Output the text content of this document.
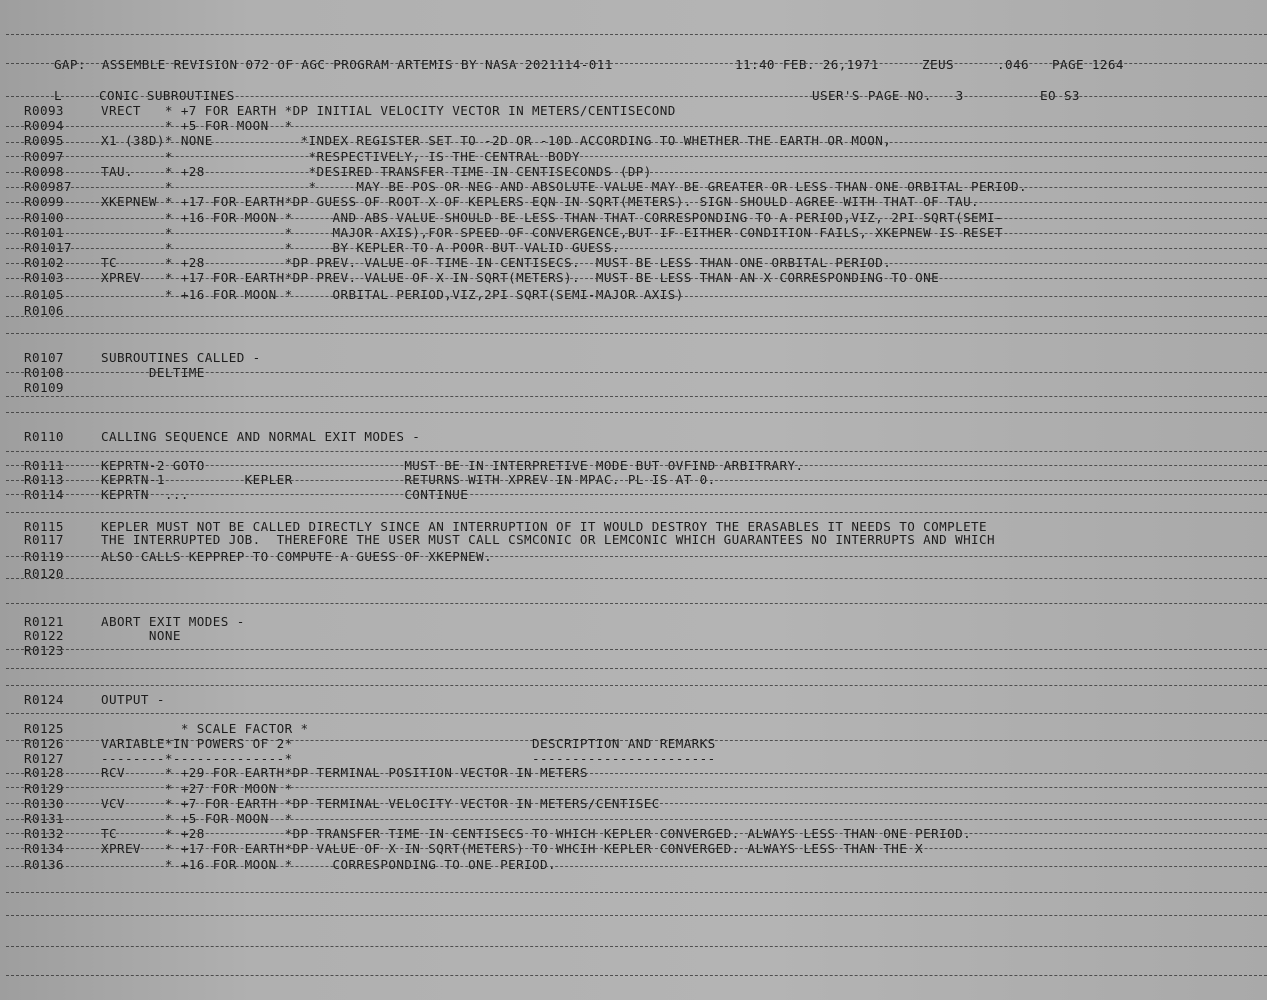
GAP:  ASSEMBLE REVISION 072 OF AGC PROGRAM ARTEMIS BY NASA 2021114-011	11:40 FEB. 26,1971	ZEUS	.046 PAGE 1264

L	CONIC SUBROUTINES	USER'S PAGE NO.   3	EO S3

R0093	VRECT   * +7 FOR EARTH *DP INITIAL VELOCITY VECTOR IN METERS/CENTISECOND
R0094	* +5 FOR MOON  *
R0095	X1 (38D)* NONE           *INDEX REGISTER SET TO -2D OR -10D ACCORDING TO WHETHER THE EARTH OR MOON,
R0097	*                 *RESPECTIVELY, IS THE CENTRAL BODY
R0098	TAU.    * +28             *DESIRED TRANSFER TIME IN CENTISECONDS (DP)
R00987 *                 *     MAY BE POS OR NEG AND ABSOLUTE VALUE MAY BE GREATER OR LESS THAN ONE ORBITAL PERIOD.
R0099	XKEPNEW * +17 FOR EARTH*DP GUESS OF ROOT X OF KEPLERS EQN IN SQRT(METERS). SIGN SHOULD AGREE WITH THAT OF TAU.
R0100	* +16 FOR MOON *     AND ABS VALUE SHOULD BE LESS THAN THAT CORRESPONDING TO A PERIOD,VIZ, 2PI SQRT(SEMI-
R0101	*              *     MAJOR AXIS),FOR SPEED OF CONVERGENCE,BUT IF EITHER CONDITION FAILS, XKEPNEW IS RESET
R01017 *              *     BY KEPLER TO A POOR BUT VALID GUESS.
R0102	TC      * +28          *DP PREV. VALUE OF TIME IN CENTISECS.  MUST BE LESS THAN ONE ORBITAL PERIOD.
R0103	XPREV   * +17 FOR EARTH*DP PREV. VALUE OF X IN SQRT(METERS).  MUST BE LESS THAN AN X CORRESPONDING TO ONE
R0105	* +16 FOR MOON *     ORBITAL PERIOD,VIZ,2PI SQRT(SEMI-MAJOR AXIS)
R0106
R0107	SUBROUTINES CALLED -
R0108	DELTIME
R0109
R0110	CALLING SEQUENCE AND NORMAL EXIT MODES -
R0111	KEPRTN-2 GOTO                         MUST BE IN INTERPRETIVE MODE BUT OVFIND ARBITRARY.
R0113	KEPRTN-1          KEPLER              RETURNS WITH XPREV IN MPAC. PL IS AT 0.
R0114	KEPRTN  ...                           CONTINUE
R0115	KEPLER MUST NOT BE CALLED DIRECTLY SINCE AN INTERRUPTION OF IT WOULD DESTROY THE ERASABLES IT NEEDS TO COMPLETE
R0117	THE INTERRUPTED JOB.  THEREFORE THE USER MUST CALL CSMCONIC OR LEMCONIC WHICH GUARANTEES NO INTERRUPTS AND WHICH
R0119	ALSO CALLS KEPPREP TO COMPUTE A GUESS OF XKEPNEW.
R0120
R0121	ABORT EXIT MODES -
R0122	NONE
R0123
R0124	OUTPUT -
R0125	* SCALE FACTOR *
R0126	VARIABLE*IN POWERS OF 2*                              DESCRIPTION AND REMARKS
R0127	--------*--------------*                              -----------------------
R0128	RCV     * +29 FOR EARTH*DP TERMINAL POSITION VECTOR IN METERS
R0129	* +27 FOR MOON *
R0130	VCV     * +7 FOR EARTH *DP TERMINAL VELOCITY VECTOR IN METERS/CENTISEC
R0131	* +5 FOR MOON  *
R0132	TC      * +28          *DP TRANSFER TIME IN CENTISECS TO WHICH KEPLER CONVERGED. ALWAYS LESS THAN ONE PERIOD.
R0134	XPREV   * +17 FOR EARTH*DP VALUE OF X IN SQRT(METERS) TO WHCIH KEPLER CONVERGED. ALWAYS LESS THAN THE X
R0136	* +16 FOR MOON *     CORRESPONDING TO ONE PERIOD.
